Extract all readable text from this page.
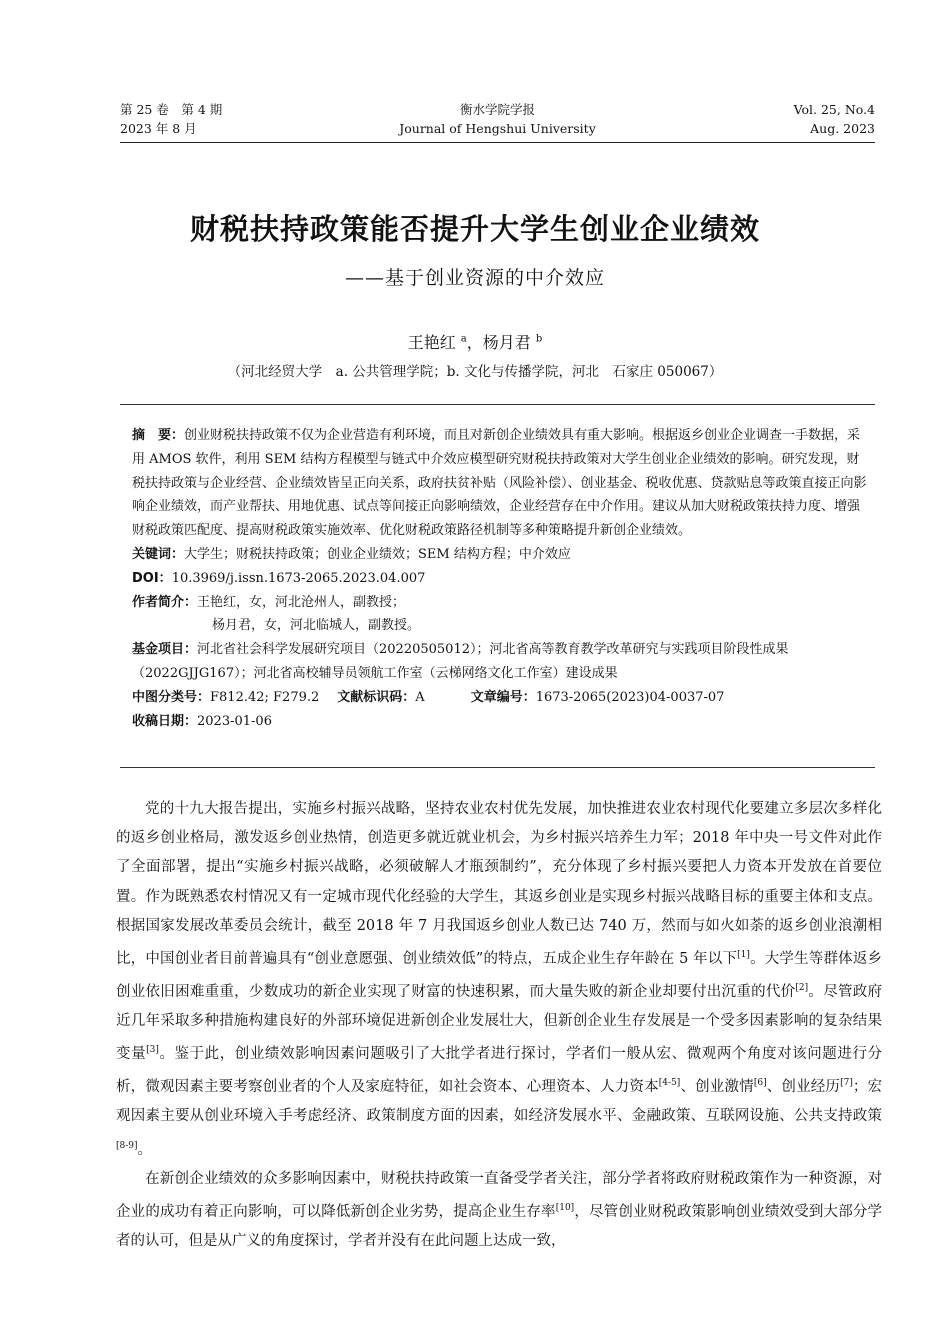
第 25 卷　第 4 期
2023 年 8 月
衡水学院学报
Journal of Hengshui University
Vol. 25, No.4
Aug. 2023
财税扶持政策能否提升大学生创业企业绩效
——基于创业资源的中介效应
王艳红 $^a$，杨月君 $^b$
（河北经贸大学　a. 公共管理学院；b. 文化与传播学院，河北　石家庄 050067）

摘　要：创业财税扶持政策不仅为企业营造有利环境，而且对新创企业绩效具有重大影响。根据返乡创业企业调查一手数据，采用 AMOS 软件，利用 SEM 结构方程模型与链式中介效应模型研究财税扶持政策对大学生创业企业绩效的影响。研究发现，财税扶持政策与企业经营、企业绩效皆呈正向关系，政府扶贫补贴（风险补偿）、创业基金、税收优惠、贷款贴息等政策直接正向影响企业绩效，而产业帮扶、用地优惠、试点等间接正向影响绩效，企业经营存在中介作用。建议从加大财税政策扶持力度、增强财税政策匹配度、提高财税政策实施效率、优化财税政策路径机制等多种策略提升新创企业绩效。

关键词：大学生；财税扶持政策；创业企业绩效；SEM 结构方程；中介效应

DOI：10.3969/j.issn.1673-2065.2023.04.007

作者简介：王艳红，女，河北沧州人，副教授；

杨月君，女，河北临城人，副教授。

基金项目：河北省社会科学发展研究项目（20220505012）；河北省高等教育教学改革研究与实践项目阶段性成果（2022GJJG167）；河北省高校辅导员领航工作室（云梯网络文化工作室）建设成果

中图分类号：F812.42; F279.2 文献标识码：A	文章编号：1673-2065(2023)04-0037-07

收稿日期：2023-01-06

党的十九大报告提出，实施乡村振兴战略，坚持农业农村优先发展，加快推进农业农村现代化要建立多层次多样化的返乡创业格局，激发返乡创业热情，创造更多就近就业机会，为乡村振兴培养生力军；2018 年中央一号文件对此作了全面部署，提出“实施乡村振兴战略，必须破解人才瓶颈制约”，充分体现了乡村振兴要把人力资本开发放在首要位置。作为既熟悉农村情况又有一定城市现代化经验的大学生，其返乡创业是实现乡村振兴战略目标的重要主体和支点。根据国家发展改革委员会统计，截至 2018 年 7 月我国返乡创业人数已达 740 万，然而与如火如荼的返乡创业浪潮相比，中国创业者目前普遍具有“创业意愿强、创业绩效低”的特点，五成企业生存年龄在 5 年以下[1]。大学生等群体返乡创业依旧困难重重，少数成功的新企业实现了财富的快速积累，而大量失败的新企业却要付出沉重的代价[2]。尽管政府近几年采取多种措施构建良好的外部环境促进新创企业发展壮大，但新创企业生存发展是一个受多因素影响的复杂结果变量[3]。鉴于此，创业绩效影响因素问题吸引了大批学者进行探讨，学者们一般从宏、微观两个角度对该问题进行分析，微观因素主要考察创业者的个人及家庭特征，如社会资本、心理资本、人力资本[4-5]、创业激情[6]、创业经历[7]；宏观因素主要从创业环境入手考虑经济、政策制度方面的因素，如经济发展水平、金融政策、互联网设施、公共支持政策[8-9]。

在新创企业绩效的众多影响因素中，财税扶持政策一直备受学者关注，部分学者将政府财税政策作为一种资源，对企业的成功有着正向影响，可以降低新创企业劣势，提高企业生存率[10]，尽管创业财税政策影响创业绩效受到大部分学者的认可，但是从广义的角度探讨，学者并没有在此问题上达成一致，
